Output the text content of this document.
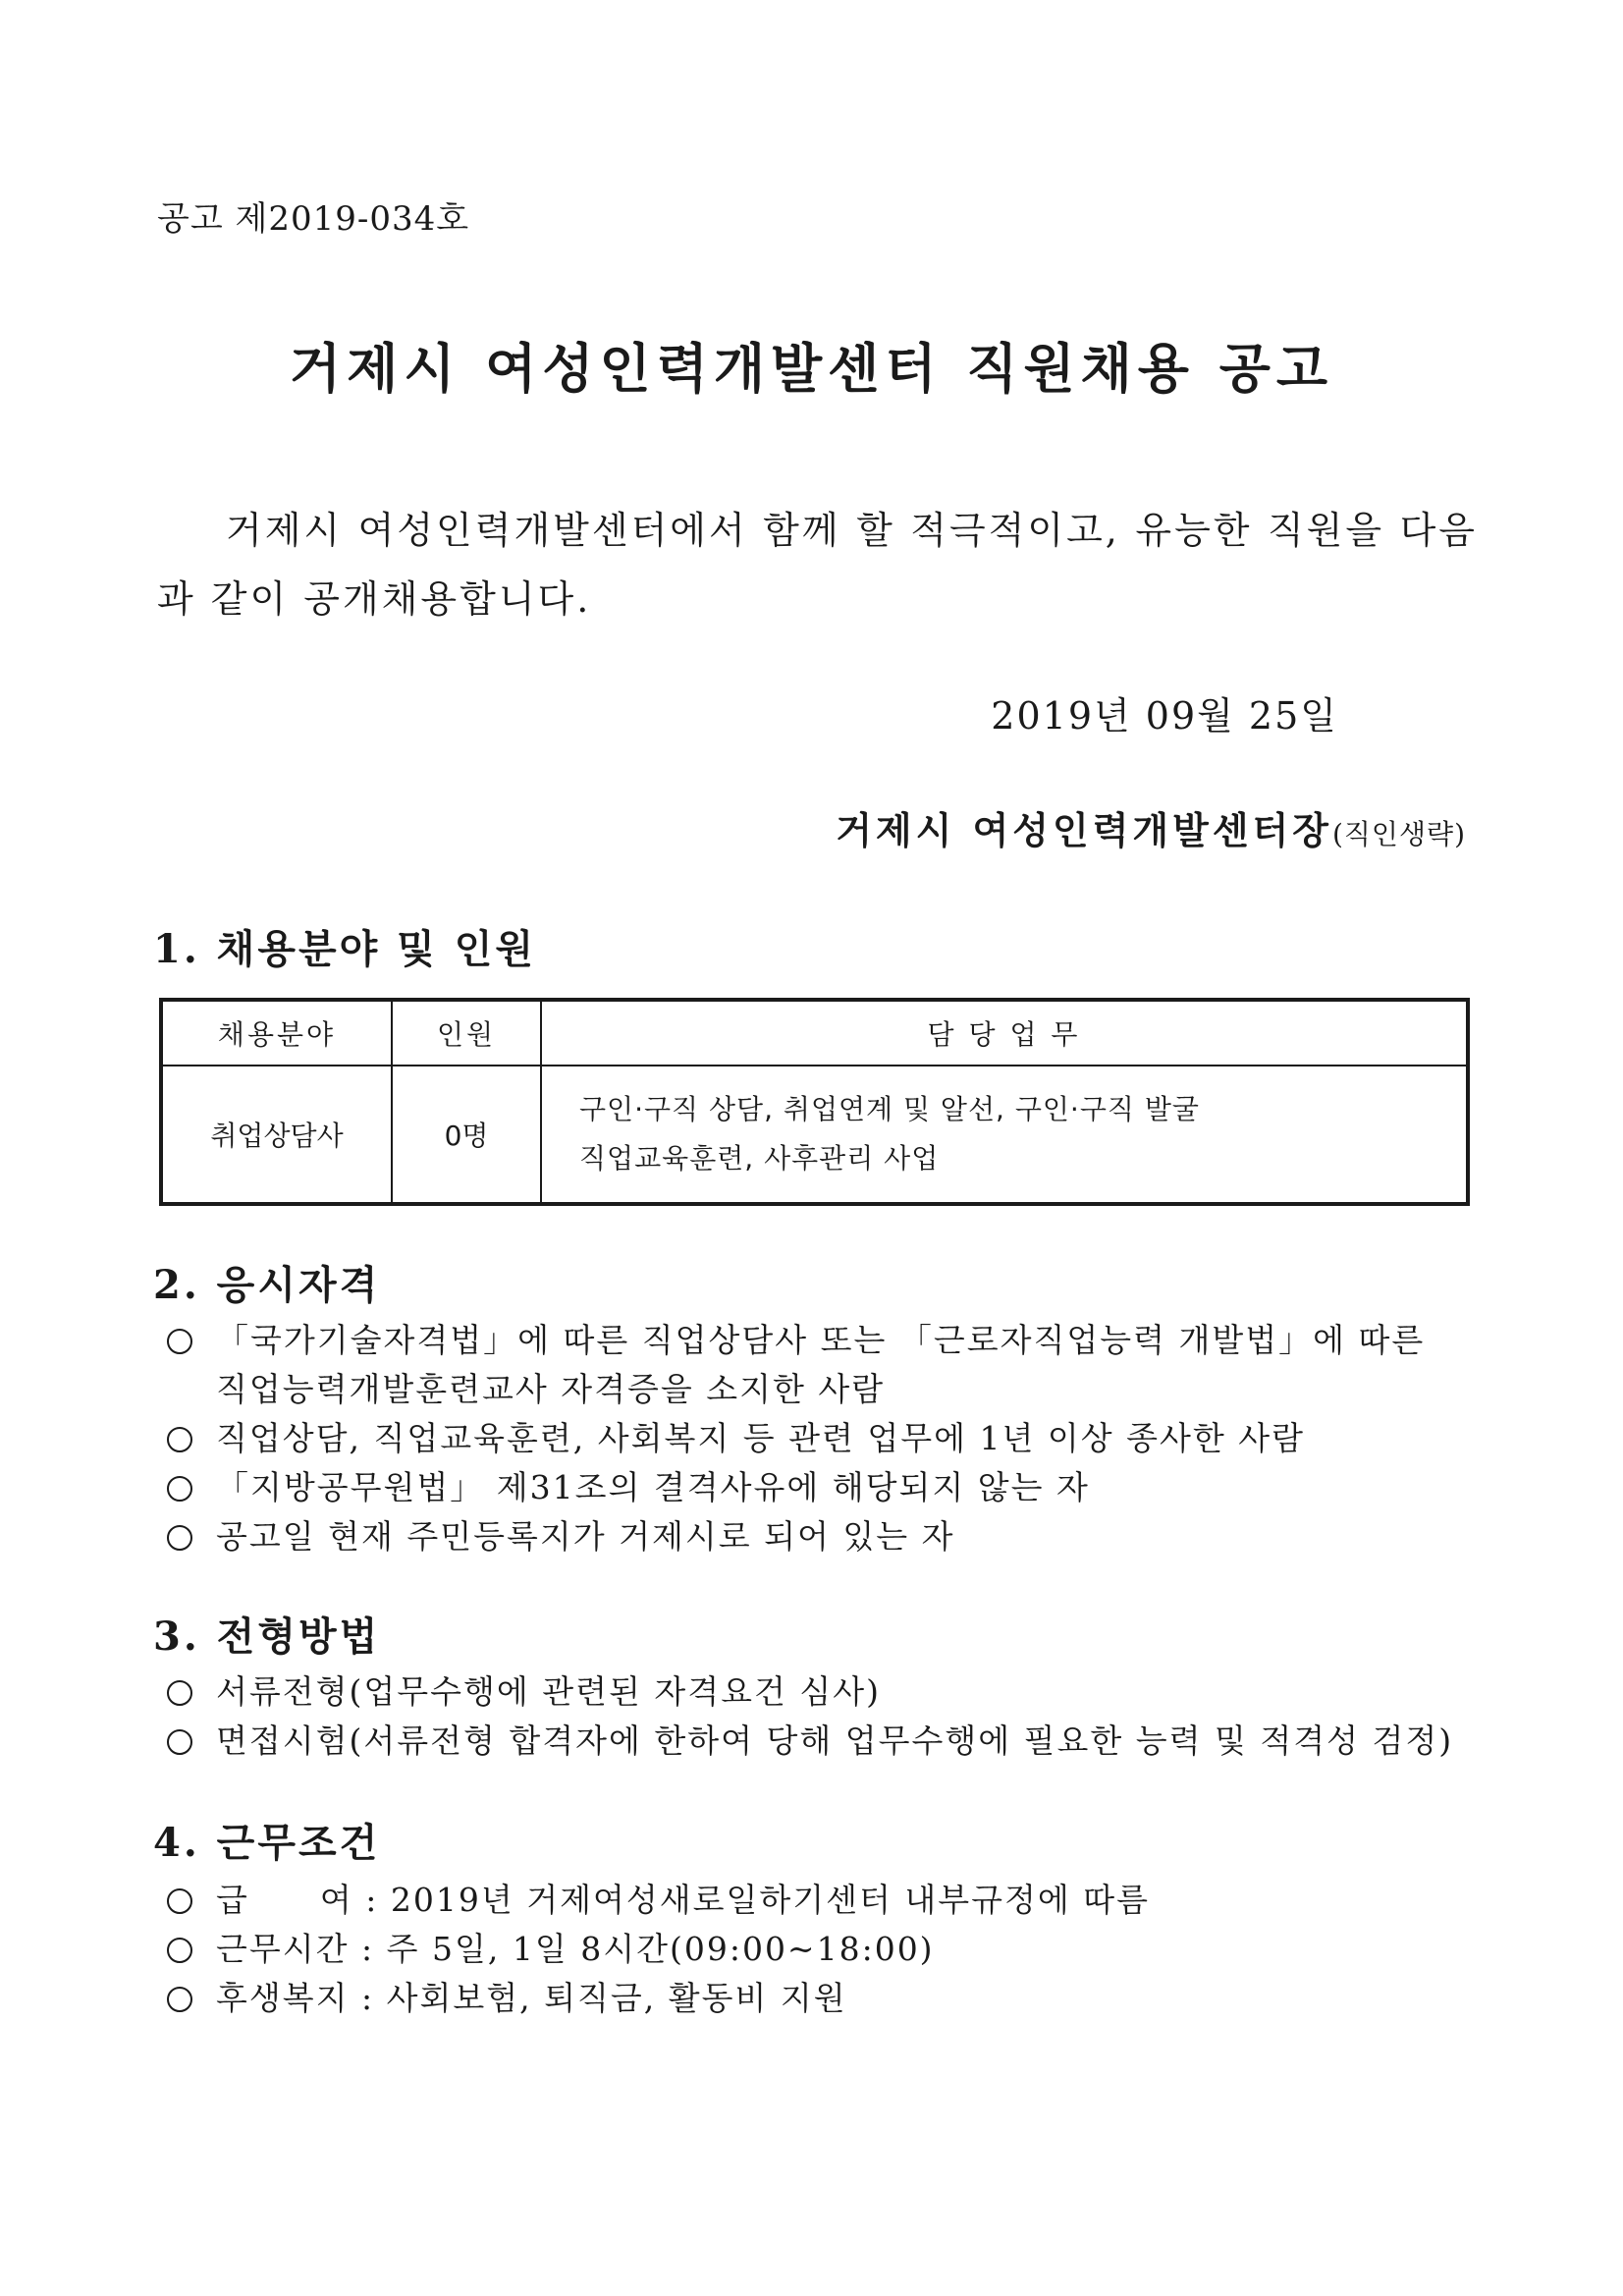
공고 제2019-034호
거제시 여성인력개발센터 직원채용 공고

거제시 여성인력개발센터에서 함께 할 적극적이고, 유능한 직원을 다음과 같이 공개채용합니다.

2019년 09월 25일
거제시 여성인력개발센터장(직인생략)
1. 채용분야 및 인원
채용분야	인원	담 당 업 무
취업상담사	0명	구인·구직 상담, 취업연계 및 알선, 구인·구직 발굴
직업교육훈련, 사후관리 사업
2. 응시자격
「국가기술자격법」에 따른 직업상담사 또는 「근로자직업능력 개발법」에 따른
직업능력개발훈련교사 자격증을 소지한 사람
직업상담, 직업교육훈련, 사회복지 등 관련 업무에 1년 이상 종사한 사람
「지방공무원법」 제31조의 결격사유에 해당되지 않는 자
공고일 현재 주민등록지가 거제시로 되어 있는 자
3. 전형방법
서류전형(업무수행에 관련된 자격요건 심사)
면접시험(서류전형 합격자에 한하여 당해 업무수행에 필요한 능력 및 적격성 검정)
4. 근무조건
급 여 : 2019년 거제여성새로일하기센터 내부규정에 따름
근무시간 : 주 5일, 1일 8시간(09:00~18:00)
후생복지 : 사회보험, 퇴직금, 활동비 지원
